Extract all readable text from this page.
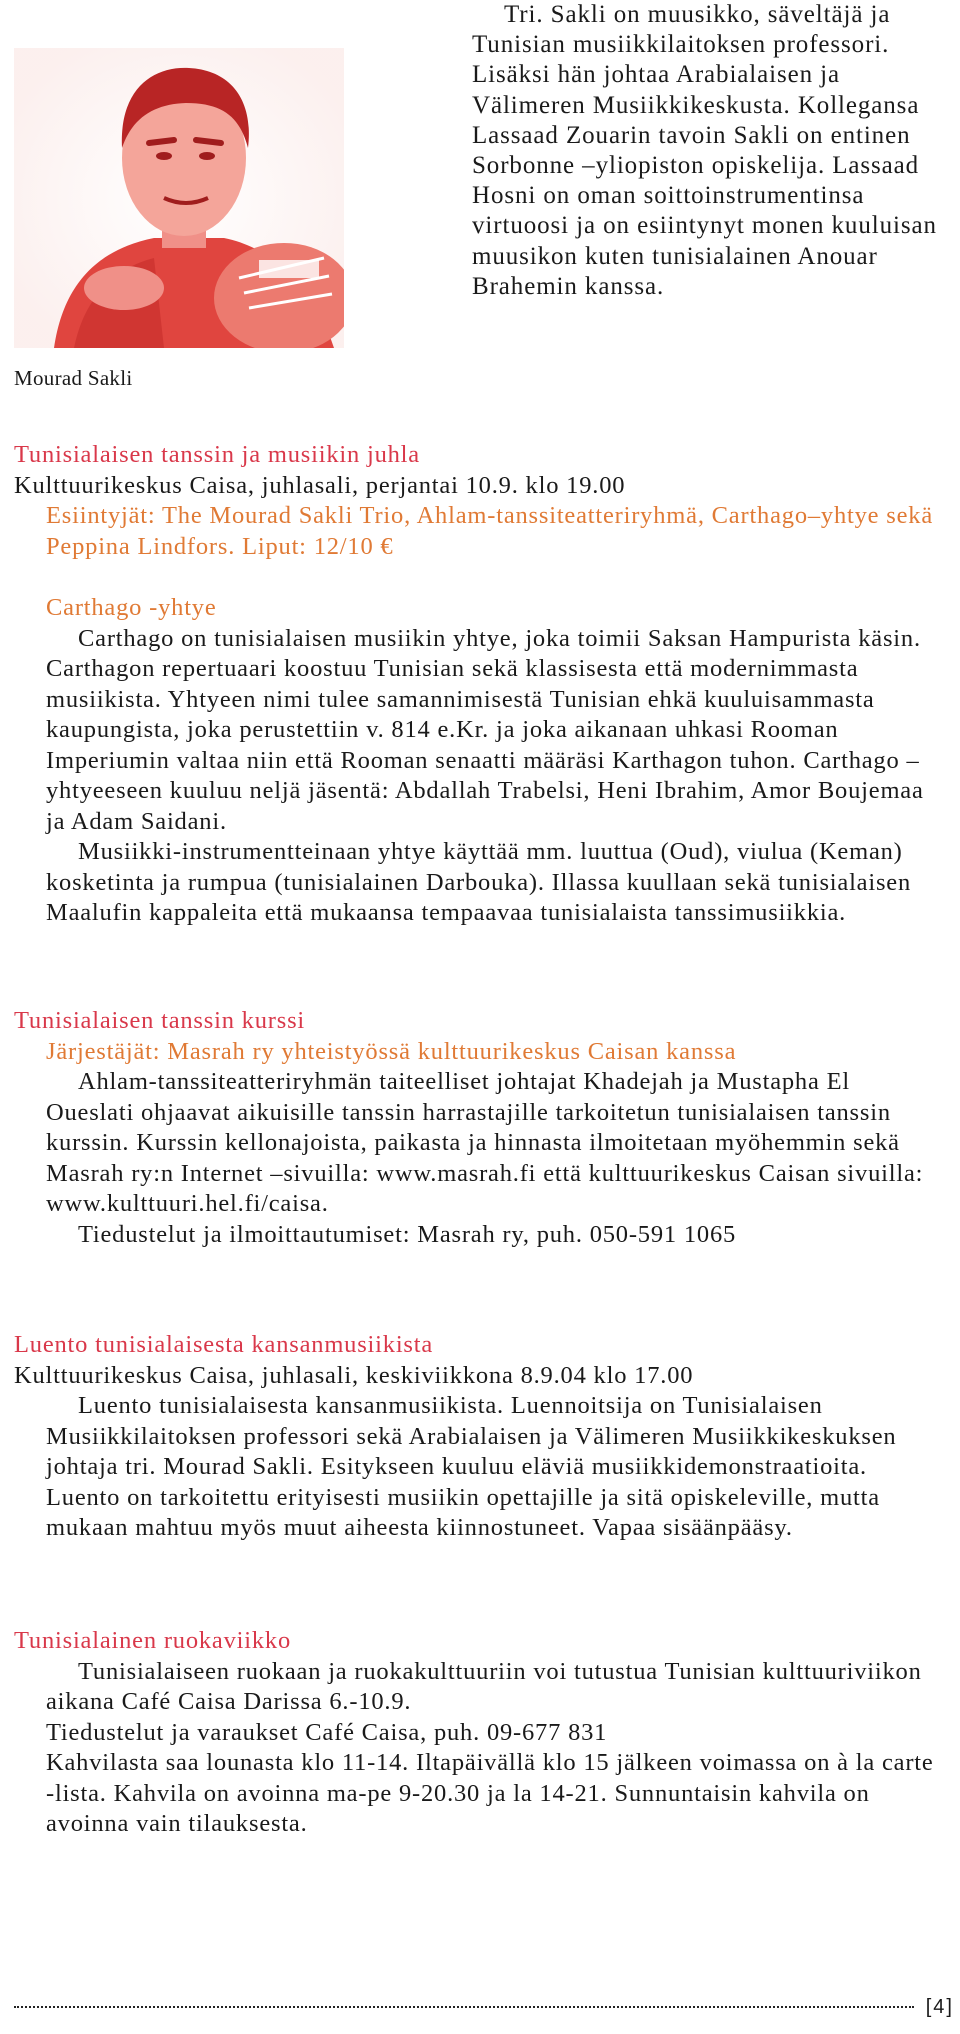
Mourad Sakli

Tri. Sakli on muusikko, säveltäjä ja Tunisian musiikkilaitoksen professori. Lisäksi hän johtaa Arabialaisen ja Välimeren Musiikkikeskusta. Kollegansa Lassaad Zouarin tavoin Sakli on entinen Sorbonne –yliopiston opiskelija. Lassaad Hosni on oman soittoinstrumentinsa virtuoosi ja on esiintynyt monen kuuluisan muusikon kuten tunisialainen Anouar Brahemin kanssa.

Tunisialaisen tanssin ja musiikin juhla
Kulttuurikeskus Caisa, juhlasali, perjantai 10.9. klo 19.00
Esiintyjät: The Mourad Sakli Trio, Ahlam-tanssiteatteriryhmä, Carthago–yhtye sekä Peppina Lindfors. Liput: 12/10 €
Carthago -yhtye

Carthago on tunisialaisen musiikin yhtye, joka toimii Saksan Hampurista käsin. Carthagon repertuaari koostuu Tunisian sekä klassisesta että modernimmasta musiikista. Yhtyeen nimi tulee samannimisestä Tunisian ehkä kuuluisammasta kaupungista, joka perustettiin v. 814 e.Kr. ja joka aikanaan uhkasi Rooman Imperiumin valtaa niin että Rooman senaatti määräsi Karthagon tuhon. Carthago –yhtyeeseen kuuluu neljä jäsentä: Abdallah Trabelsi, Heni Ibrahim, Amor Boujemaa ja Adam Saidani.

Musiikki-instrumentteinaan yhtye käyttää mm. luuttua (Oud), viulua (Keman) kosketinta ja rumpua (tunisialainen Darbouka). Illassa kuullaan sekä tunisialaisen Maalufin kappaleita että mukaansa tempaavaa tunisialaista tanssimusiikkia.

Tunisialaisen tanssin kurssi
Järjestäjät: Masrah ry yhteistyössä kulttuurikeskus Caisan kanssa

Ahlam-tanssiteatteriryhmän taiteelliset johtajat Khadejah ja Mustapha El Oueslati ohjaavat aikuisille tanssin harrastajille tarkoitetun tunisialaisen tanssin kurssin. Kurssin kellonajoista, paikasta ja hinnasta ilmoitetaan myöhemmin sekä Masrah ry:n Internet –sivuilla: www.masrah.fi että kulttuurikeskus Caisan sivuilla: www.kulttuuri.hel.fi/caisa.

Tiedustelut ja ilmoittautumiset: Masrah ry, puh. 050-591 1065

Luento tunisialaisesta kansanmusiikista
Kulttuurikeskus Caisa, juhlasali, keskiviikkona 8.9.04 klo 17.00

Luento tunisialaisesta kansanmusiikista. Luennoitsija on Tunisialaisen Musiikkilaitoksen professori sekä Arabialaisen ja Välimeren Musiikkikeskuksen johtaja tri. Mourad Sakli. Esitykseen kuuluu eläviä musiikkidemonstraatioita. Luento on tarkoitettu erityisesti musiikin opettajille ja sitä opiskeleville, mutta mukaan mahtuu myös muut aiheesta kiinnostuneet. Vapaa sisäänpääsy.

Tunisialainen ruokaviikko

Tunisialaiseen ruokaan ja ruokakulttuuriin voi tutustua Tunisian kulttuuriviikon aikana Café Caisa Darissa 6.-10.9.

Tiedustelut ja varaukset Café Caisa, puh. 09-677 831

Kahvilasta saa lounasta klo 11-14. Iltapäivällä klo 15 jälkeen voimassa on à la carte -lista. Kahvila on avoinna ma-pe 9-20.30 ja la 14-21. Sunnuntaisin kahvila on avoinna vain tilauksesta.

[4]
